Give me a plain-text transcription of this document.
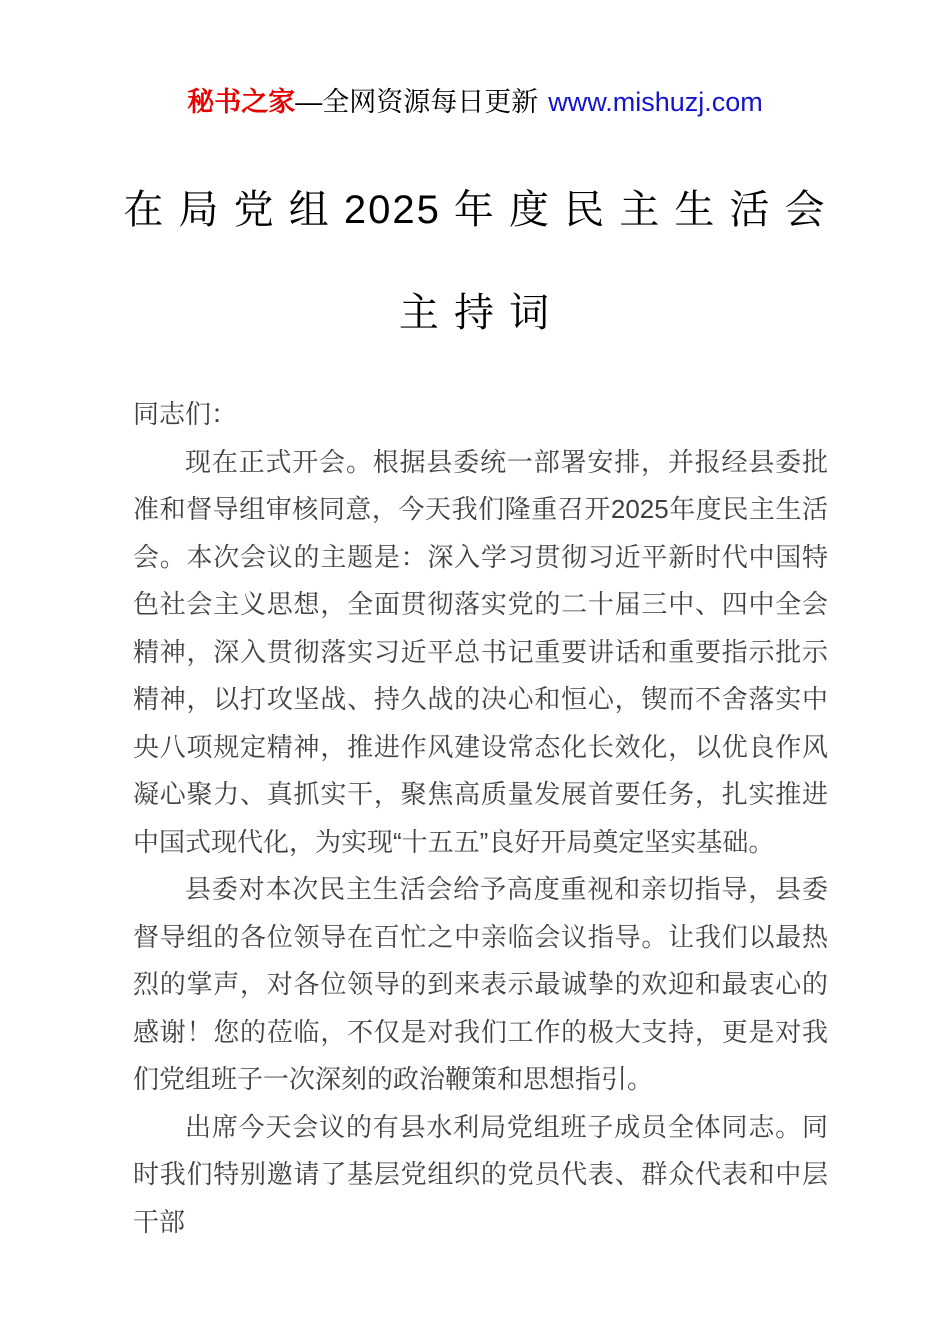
秘书之家—全网资源每日更新 www.mishuzj.com
在 局 党 组 2025 年 度 民 主 生 活 会
主 持 词

同志们：

现在正式开会。根据县委统一部署安排，并报经县委批准和督导组审核同意，今天我们隆重召开2025年度民主生活会。本次会议的主题是：深入学习贯彻习近平新时代中国特色社会主义思想，全面贯彻落实党的二十届三中、四中全会精神，深入贯彻落实习近平总书记重要讲话和重要指示批示精神，以打攻坚战、持久战的决心和恒心，锲而不舍落实中央八项规定精神，推进作风建设常态化长效化，以优良作风凝心聚力、真抓实干，聚焦高质量发展首要任务，扎实推进中国式现代化，为实现“十五五”良好开局奠定坚实基础。

县委对本次民主生活会给予高度重视和亲切指导，县委督导组的各位领导在百忙之中亲临会议指导。让我们以最热烈的掌声，对各位领导的到来表示最诚挚的欢迎和最衷心的感谢！您的莅临，不仅是对我们工作的极大支持，更是对我们党组班子一次深刻的政治鞭策和思想指引。

出席今天会议的有县水利局党组班子成员全体同志。同时我们特别邀请了基层党组织的党员代表、群众代表和中层干部
